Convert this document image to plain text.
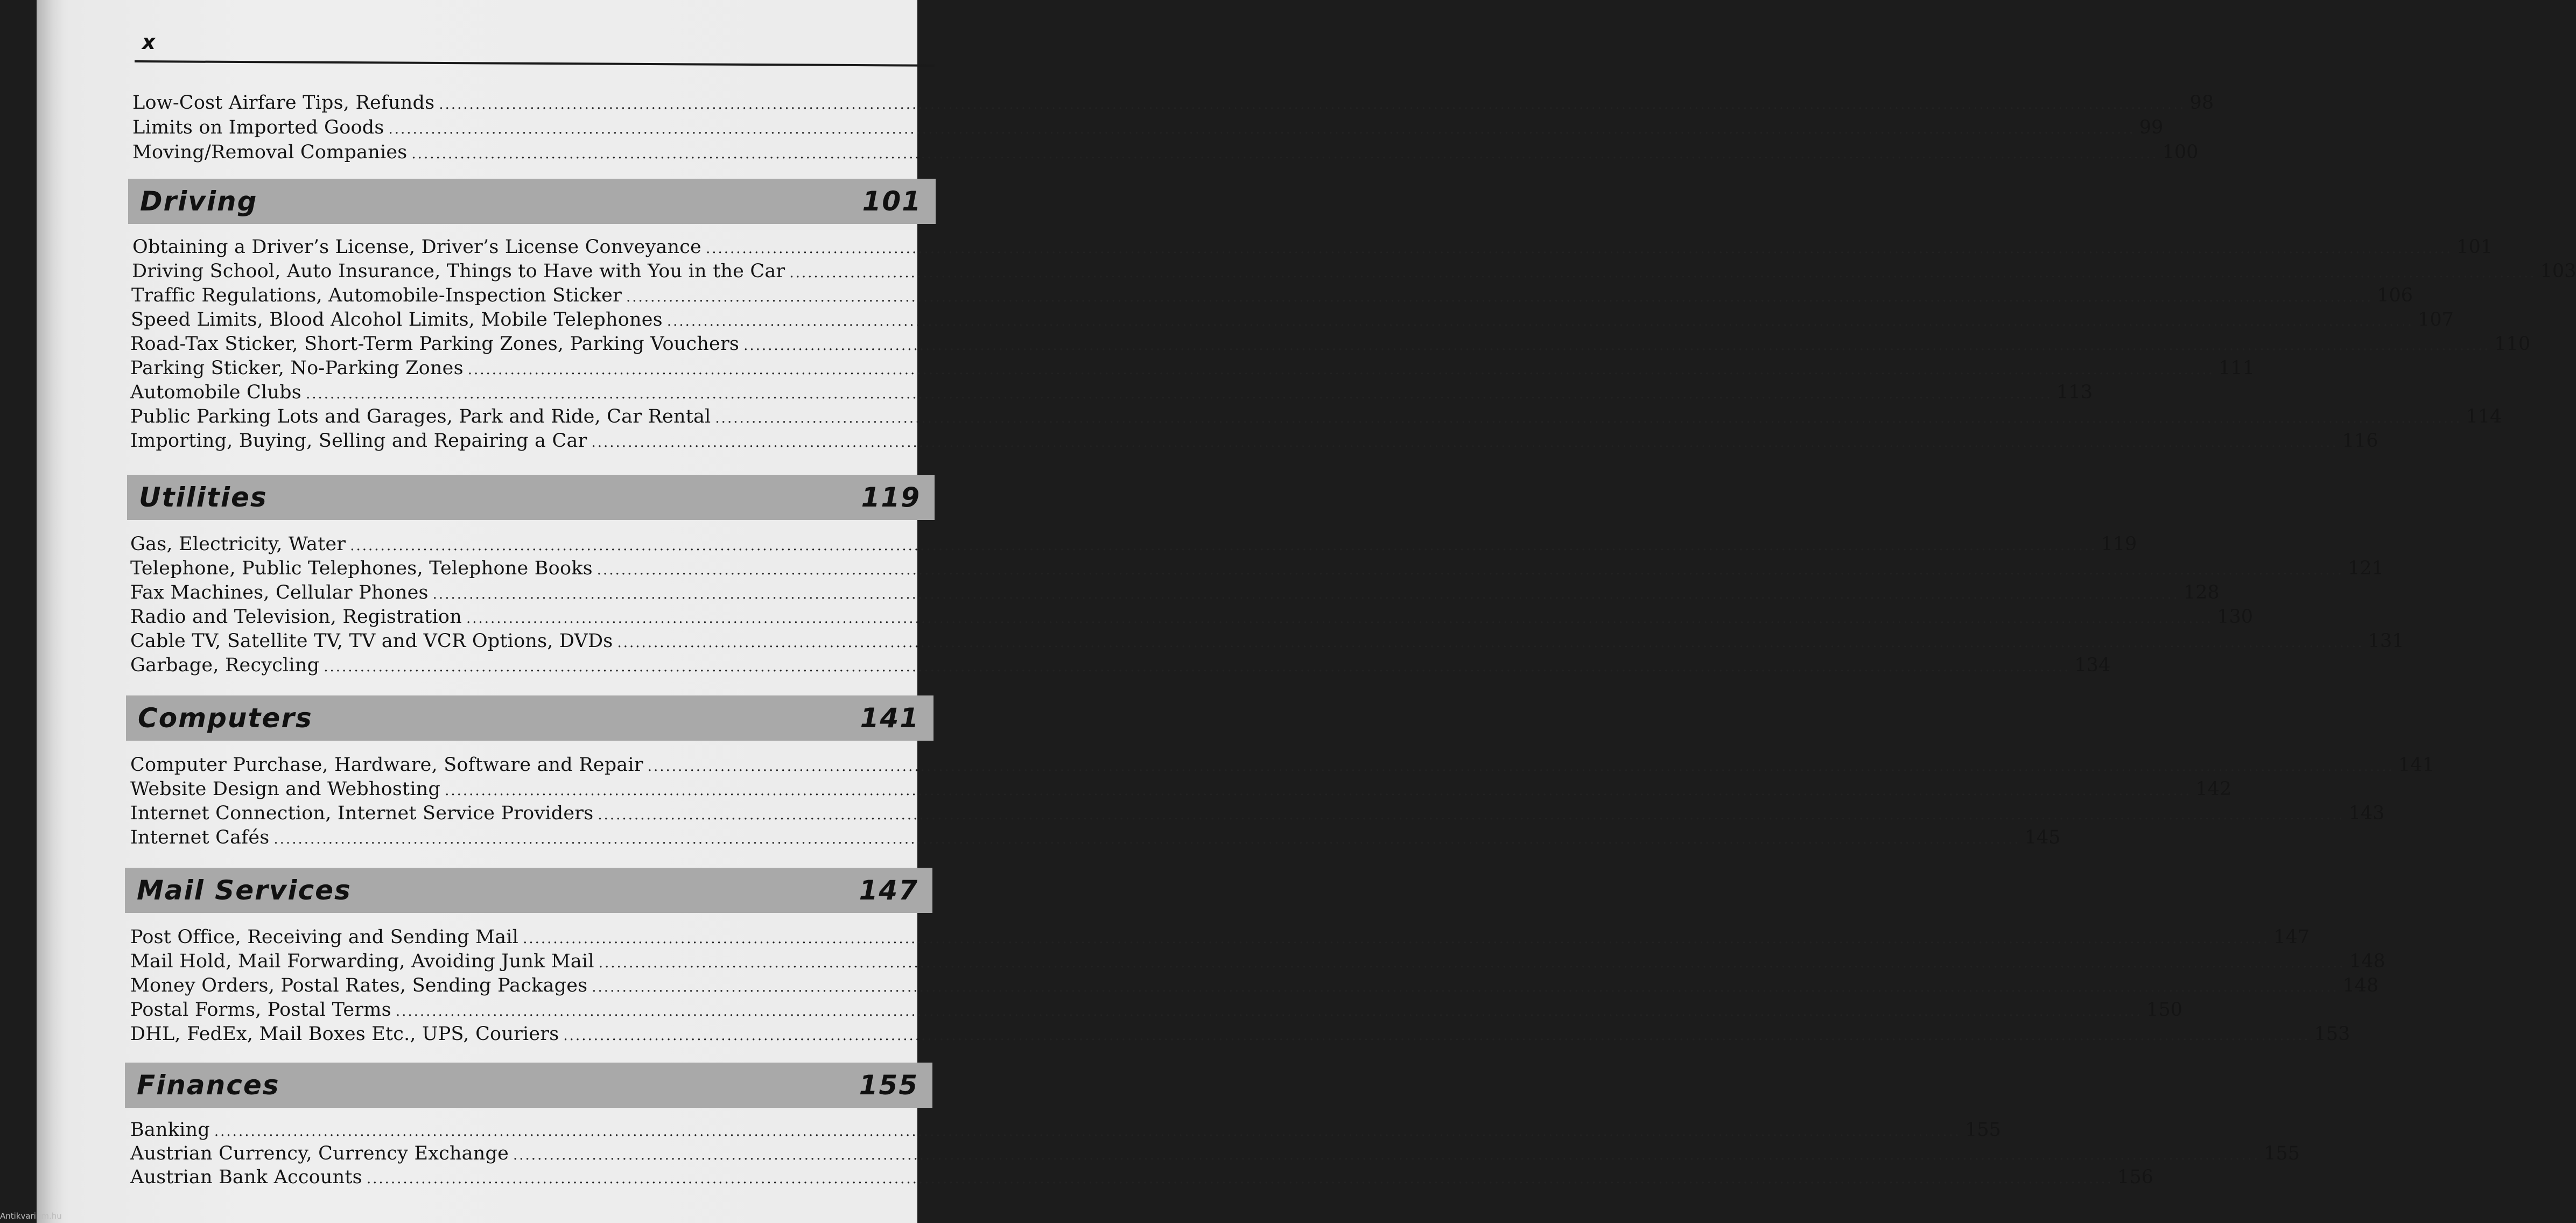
x
Low-Cost Airfare Tips, Refunds .....	98
Limits on Imported Goods .....	99
Moving/Removal Companies .....	100
Driving	101
Obtaining a Driver’s License, Driver’s License Conveyance .....	101
Driving School, Auto Insurance, Things to Have with You in the Car .....	103
Traffic Regulations, Automobile-Inspection Sticker .....	106
Speed Limits, Blood Alcohol Limits, Mobile Telephones .....	107
Road-Tax Sticker, Short-Term Parking Zones, Parking Vouchers .....	110
Parking Sticker, No-Parking Zones .....	111
Automobile Clubs .....	113
Public Parking Lots and Garages, Park and Ride, Car Rental .....	114
Importing, Buying, Selling and Repairing a Car .....	116
Utilities	119
Gas, Electricity, Water .....	119
Telephone, Public Telephones, Telephone Books .....	121
Fax Machines, Cellular Phones .....	128
Radio and Television, Registration .....	130
Cable TV, Satellite TV, TV and VCR Options, DVDs .....	131
Garbage, Recycling .....	134
Computers	141
Computer Purchase, Hardware, Software and Repair .....	141
Website Design and Webhosting .....	142
Internet Connection, Internet Service Providers .....	143
Internet Cafés .....	145
Mail Services	147
Post Office, Receiving and Sending Mail .....	147
Mail Hold, Mail Forwarding, Avoiding Junk Mail .....	148
Money Orders, Postal Rates, Sending Packages .....	148
Postal Forms, Postal Terms .....	150
DHL, FedEx, Mail Boxes Etc., UPS, Couriers .....	153
Finances	155
Banking .....	155
Austrian Currency, Currency Exchange .....	155
Austrian Bank Accounts .....	156
Antikvarium.hu
